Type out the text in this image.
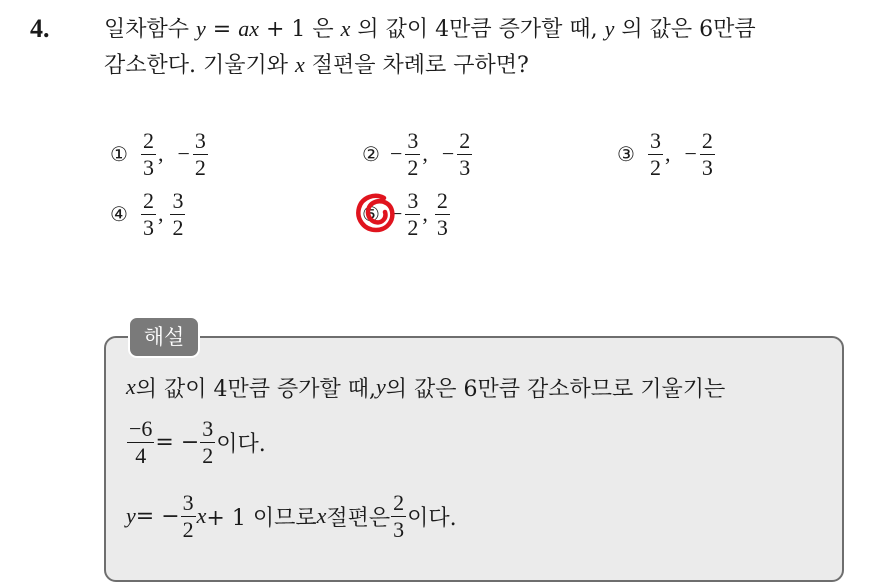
4. 일차함수 y = ax + 1 은 x 의 값이 4만큼 증가할 때, y 의 값은 6만큼
감소한다. 기울기와 x 절편을 차례로 구하면?
① $\frac{2}{3}$ , − $\frac{3}{2}$	② − $\frac{3}{2}$ , − $\frac{2}{3}$	③ $\frac{3}{2}$ , − $\frac{2}{3}$
④ $\frac{2}{3}$ , $\frac{3}{2}$	⑤ − $\frac{3}{2}$ , $\frac{2}{3}$
해설
x 의 값이 4만큼 증가할 때, y 의 값은 6만큼 감소하므로 기울기는
$\frac{-6}{4}$ = − $\frac{3}{2}$ 이다.
y = − $\frac{3}{2}$ x + 1 이므로 x 절편은 $\frac{2}{3}$ 이다.
